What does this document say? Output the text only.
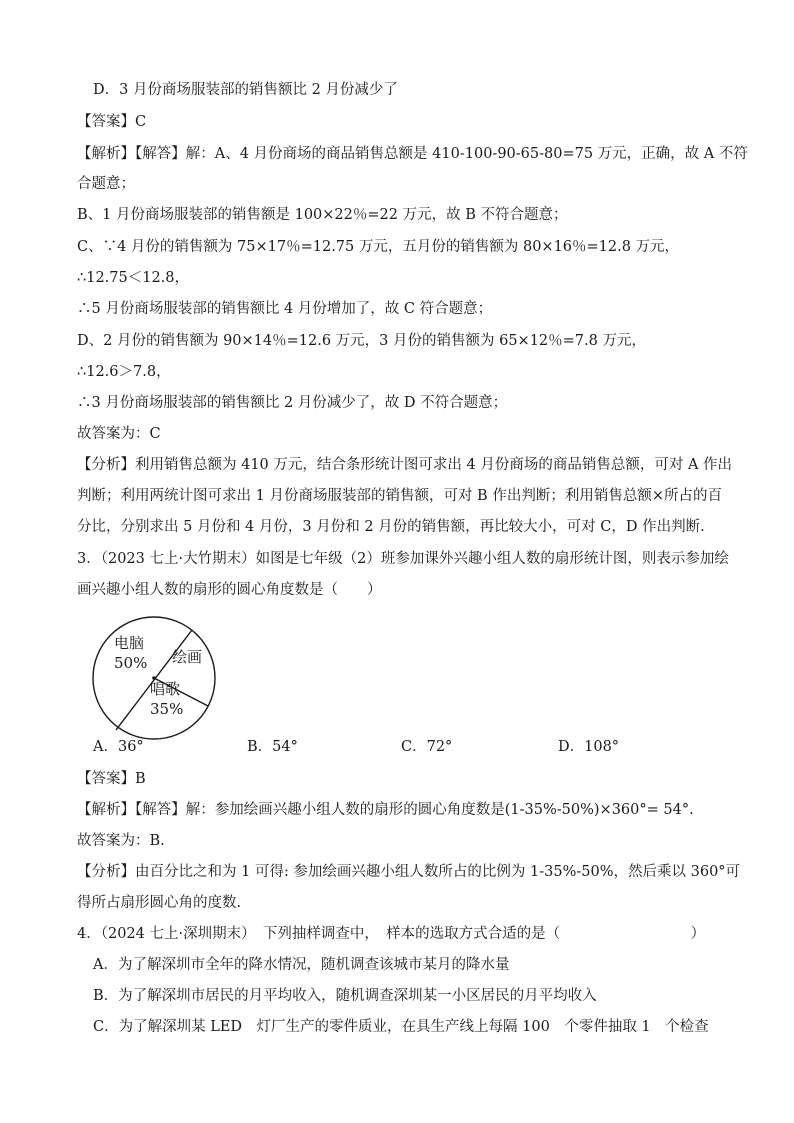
D．3 月份商场服装部的销售额比 2 月份减少了
【答案】C
【解析】【解答】解：A、4 月份商场的商品销售总额是 410-100-90-65-80=75 万元，正确，故 A 不符
合题意；
B、1 月份商场服装部的销售额是 100×22％=22 万元，故 B 不符合题意；
C、∵4 月份的销售额为 75×17％=12.75 万元，五月份的销售额为 80×16％=12.8 万元，
∴12.75＜12.8，
∴5 月份商场服装部的销售额比 4 月份增加了，故 C 符合题意；
D、2 月份的销售额为 90×14％=12.6 万元，3 月份的销售额为 65×12％=7.8 万元，
∴12.6＞7.8，
∴3 月份商场服装部的销售额比 2 月份减少了，故 D 不符合题意；
故答案为：C
【分析】利用销售总额为 410 万元，结合条形统计图可求出 4 月份商场的商品销售总额，可对 A 作出
判断；利用两统计图可求出 1 月份商场服装部的销售额，可对 B 作出判断；利用销售总额×所占的百
分比，分别求出 5 月份和 4 月份，3 月份和 2 月份的销售额，再比较大小，可对 C，D 作出判断.
3．（2023 七上·大竹期末）如图是七年级（2）班参加课外兴趣小组人数的扇形统计图，则表示参加绘
画兴趣小组人数的扇形的圆心角度数是（　　）
电脑
50% 绘画
唱歌
35%
A．36°	B．54°	C．72°	D．108°
【答案】B
【解析】【解答】解：参加绘画兴趣小组人数的扇形的圆心角度数是(1-35%-50%)×360°= 54°.
故答案为：B.
【分析】由百分比之和为 1 可得: 参加绘画兴趣小组人数所占的比例为 1-35%-50%，然后乘以 360°可
得所占扇形圆心角的度数.
4．（2024 七上·深圳期末）　下列抽样调查中，　样本的选取方式合适的是（　　　　　　　　　）
A．为了解深圳市全年的降水情况，随机调查该城市某月的降水量
B．为了解深圳市居民的月平均收入，随机调查深圳某一小区居民的月平均收入
C．为了解深圳某 LED　灯厂生产的零件质业，在具生产线上每隔 100　个零件抽取 1　个检查
